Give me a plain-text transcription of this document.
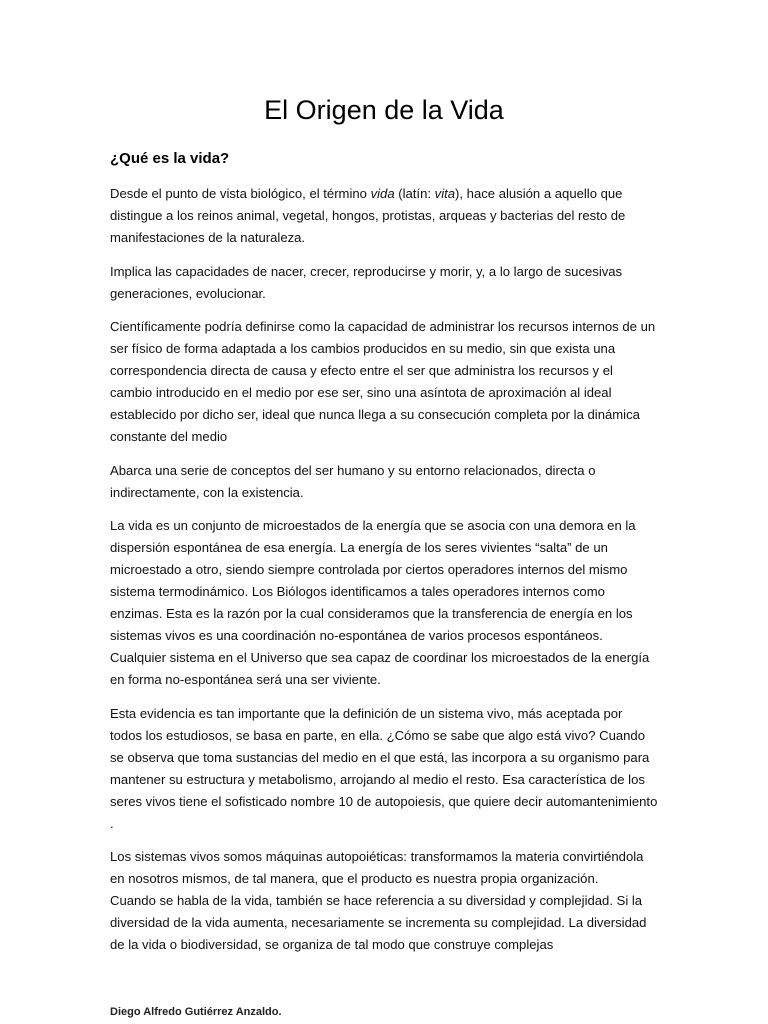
El Origen de la Vida
¿Qué es la vida?

Desde el punto de vista biológico, el término vida (latín: vita), hace alusión a aquello que distingue a los reinos animal, vegetal, hongos, protistas, arqueas y bacterias del resto de manifestaciones de la naturaleza.

Implica las capacidades de nacer, crecer, reproducirse y morir, y, a lo largo de sucesivas generaciones, evolucionar.

Científicamente podría definirse como la capacidad de administrar los recursos internos de un ser físico de forma adaptada a los cambios producidos en su medio, sin que exista una correspondencia directa de causa y efecto entre el ser que administra los recursos y el cambio introducido en el medio por ese ser, sino una asíntota de aproximación al ideal establecido por dicho ser, ideal que nunca llega a su consecución completa por la dinámica constante del medio

Abarca una serie de conceptos del ser humano y su entorno relacionados, directa o indirectamente, con la existencia.

La vida es un conjunto de microestados de la energía que se asocia con una demora en la dispersión espontánea de esa energía. La energía de los seres vivientes “salta” de un microestado a otro, siendo siempre controlada por ciertos operadores internos del mismo sistema termodinámico. Los Biólogos identificamos a tales operadores internos como enzimas. Esta es la razón por la cual consideramos que la transferencia de energía en los sistemas vivos es una coordinación no-espontánea de varios procesos espontáneos. Cualquier sistema en el Universo que sea capaz de coordinar los microestados de la energía en forma no-espontánea será una ser viviente.

Esta evidencia es tan importante que la definición de un sistema vivo, más aceptada por todos los estudiosos, se basa en parte, en ella. ¿Cómo se sabe que algo está vivo? Cuando se observa que toma sustancias del medio en el que está, las incorpora a su organismo para mantener su estructura y metabolismo, arrojando al medio el resto. Esa característica de los seres vivos tiene el sofisticado nombre 10 de autopoiesis, que quiere decir automantenimiento .

Los sistemas vivos somos máquinas autopoiéticas: transformamos la materia convirtiéndola en nosotros mismos, de tal manera, que el producto es nuestra propia organización.

Cuando se habla de la vida, también se hace referencia a su diversidad y complejidad. Si la diversidad de la vida aumenta, necesariamente se incrementa su complejidad. La diversidad de la vida o biodiversidad, se organiza de tal modo que construye complejas

Diego Alfredo Gutiérrez Anzaldo.
